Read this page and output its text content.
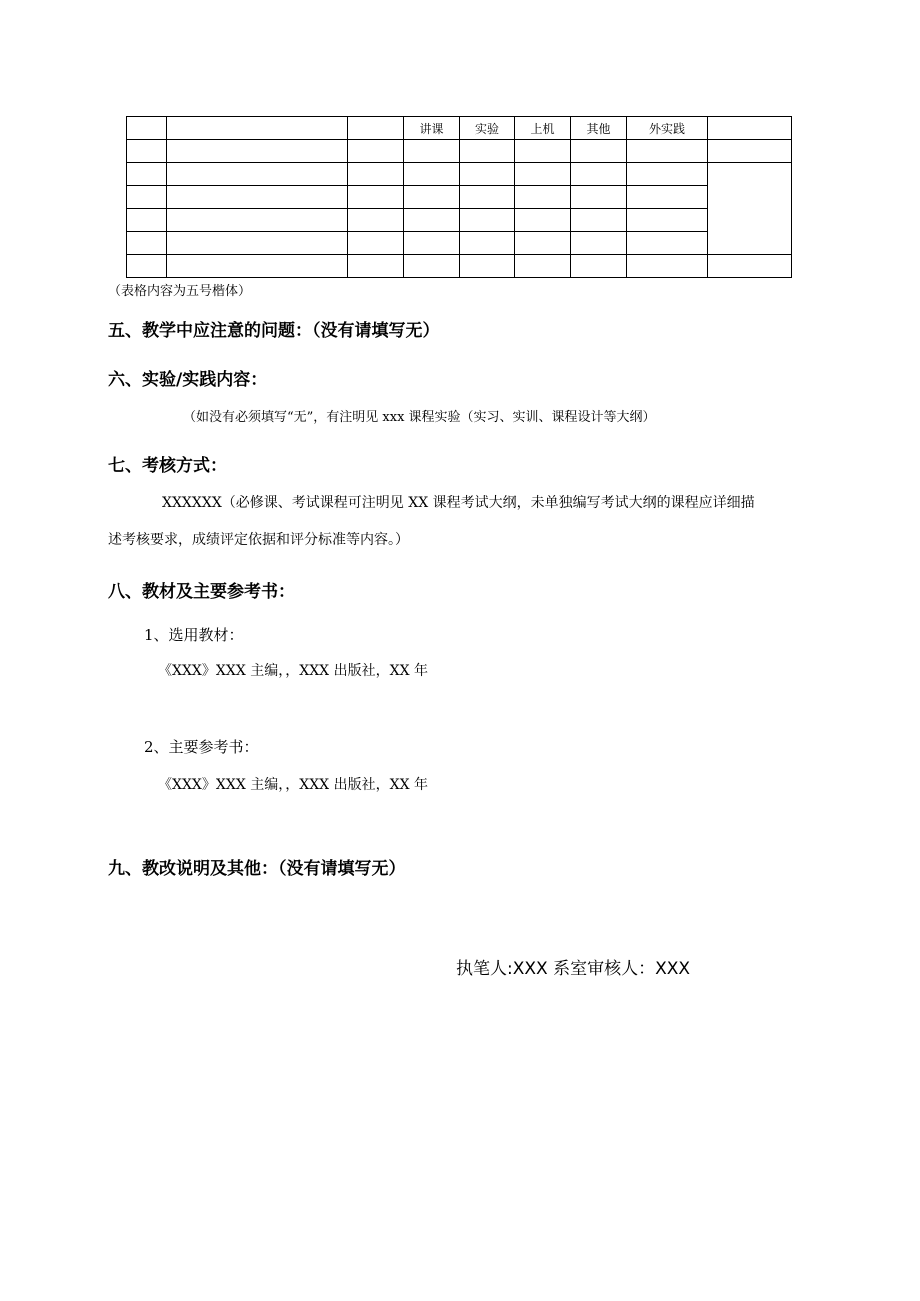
			讲课	实验	上机	其他	外实践	

（表格内容为五号楷体）
五、教学中应注意的问题：（没有请填写无）
六、实验/实践内容：
（如没有必须填写“无”，有注明见 xxx 课程实验（实习、实训、课程设计等大纲）
七、考核方式：
XXXXXX（必修课、考试课程可注明见 XX 课程考试大纲，未单独编写考试大纲的课程应详细描
述考核要求，成绩评定依据和评分标准等内容。）
八、教材及主要参考书：
1、选用教材：
《XXX》XXX 主编，，XXX 出版社，XX 年
2、主要参考书：
《XXX》XXX 主编，，XXX 出版社，XX 年
九、教改说明及其他：（没有请填写无）
执笔人:XXX 系室审核人：XXX
